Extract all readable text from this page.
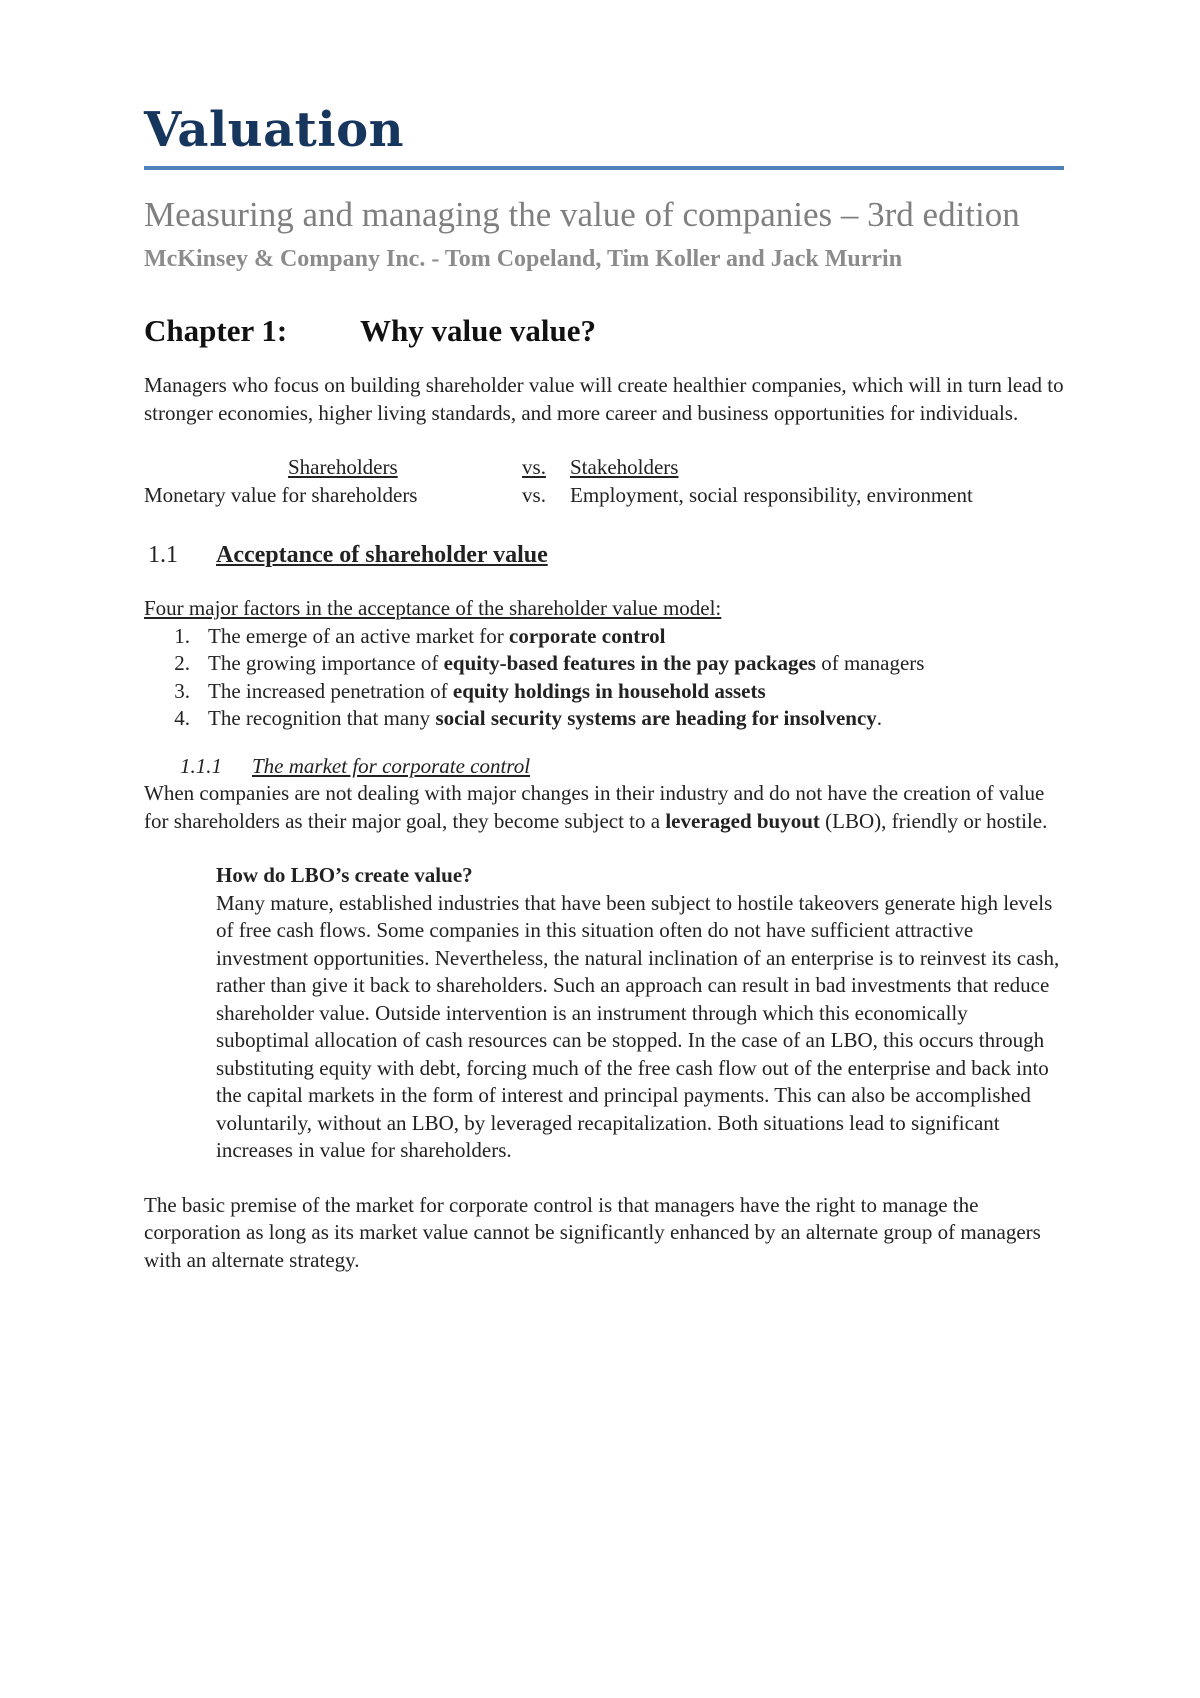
Valuation

Measuring and managing the value of companies – 3rd edition

McKinsey & Company Inc. - Tom Copeland, Tim Koller and Jack Murrin

Chapter 1:	Why value value?

Managers who focus on building shareholder value will create healthier companies, which will in turn lead to stronger economies, higher living standards, and more career and business opportunities for individuals.

Shareholders	vs.	Stakeholders
Monetary value for shareholders	vs.	Employment, social responsibility, environment
1.1	Acceptance of shareholder value

Four major factors in the acceptance of the shareholder value model:

1. The emerge of an active market for corporate control
2. The growing importance of equity-based features in the pay packages of managers
3. The increased penetration of equity holdings in household assets
4. The recognition that many social security systems are heading for insolvency.
1.1.1	The market for corporate control

When companies are not dealing with major changes in their industry and do not have the creation of value for shareholders as their major goal, they become subject to a leveraged buyout (LBO), friendly or hostile.

How do LBO’s create value?
Many mature, established industries that have been subject to hostile takeovers generate high levels of free cash flows. Some companies in this situation often do not have sufficient attractive investment opportunities. Nevertheless, the natural inclination of an enterprise is to reinvest its cash, rather than give it back to shareholders. Such an approach can result in bad investments that reduce shareholder value. Outside intervention is an instrument through which this economically suboptimal allocation of cash resources can be stopped. In the case of an LBO, this occurs through substituting equity with debt, forcing much of the free cash flow out of the enterprise and back into the capital markets in the form of interest and principal payments. This can also be accomplished voluntarily, without an LBO, by leveraged recapitalization. Both situations lead to significant increases in value for shareholders.

The basic premise of the market for corporate control is that managers have the right to manage the corporation as long as its market value cannot be significantly enhanced by an alternate group of managers with an alternate strategy.
